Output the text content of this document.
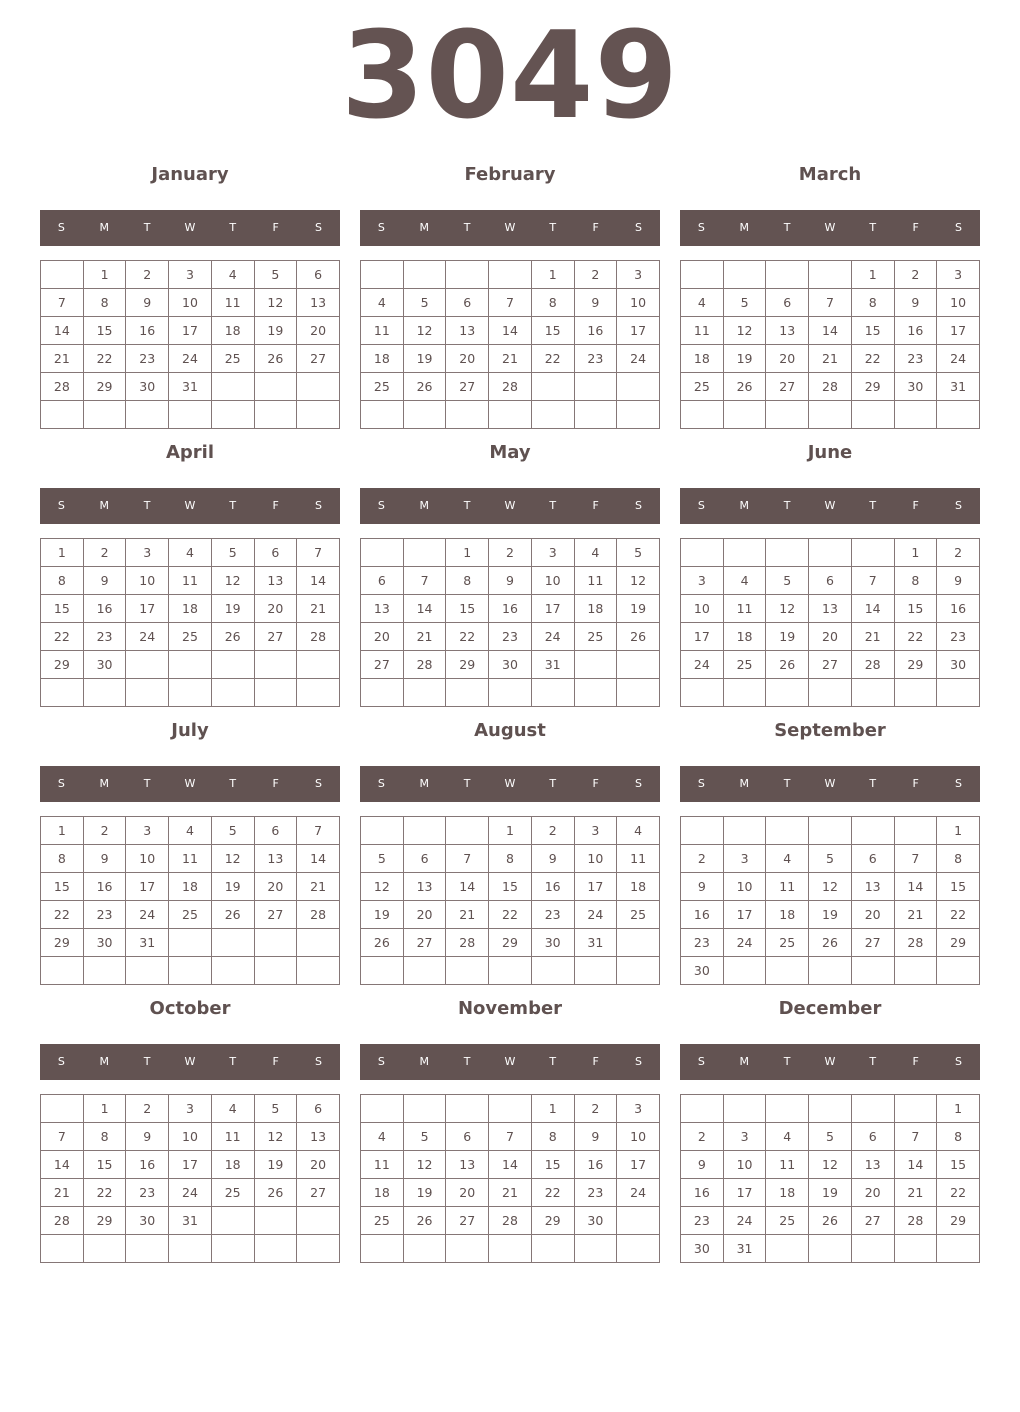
3049
January
S	M	T	W	T	F	S
	1	2	3	4	5	6
7	8	9	10	11	12	13
14	15	16	17	18	19	20
21	22	23	24	25	26	27
28	29	30	31			

February
S	M	T	W	T	F	S
				1	2	3
4	5	6	7	8	9	10
11	12	13	14	15	16	17
18	19	20	21	22	23	24
25	26	27	28			

March
S	M	T	W	T	F	S
				1	2	3
4	5	6	7	8	9	10
11	12	13	14	15	16	17
18	19	20	21	22	23	24
25	26	27	28	29	30	31

April
S	M	T	W	T	F	S
1	2	3	4	5	6	7
8	9	10	11	12	13	14
15	16	17	18	19	20	21
22	23	24	25	26	27	28
29	30					

May
S	M	T	W	T	F	S
		1	2	3	4	5
6	7	8	9	10	11	12
13	14	15	16	17	18	19
20	21	22	23	24	25	26
27	28	29	30	31		

June
S	M	T	W	T	F	S
					1	2
3	4	5	6	7	8	9
10	11	12	13	14	15	16
17	18	19	20	21	22	23
24	25	26	27	28	29	30

July
S	M	T	W	T	F	S
1	2	3	4	5	6	7
8	9	10	11	12	13	14
15	16	17	18	19	20	21
22	23	24	25	26	27	28
29	30	31				

August
S	M	T	W	T	F	S
			1	2	3	4
5	6	7	8	9	10	11
12	13	14	15	16	17	18
19	20	21	22	23	24	25
26	27	28	29	30	31	

September
S	M	T	W	T	F	S
						1
2	3	4	5	6	7	8
9	10	11	12	13	14	15
16	17	18	19	20	21	22
23	24	25	26	27	28	29
30						
October
S	M	T	W	T	F	S
	1	2	3	4	5	6
7	8	9	10	11	12	13
14	15	16	17	18	19	20
21	22	23	24	25	26	27
28	29	30	31			

November
S	M	T	W	T	F	S
				1	2	3
4	5	6	7	8	9	10
11	12	13	14	15	16	17
18	19	20	21	22	23	24
25	26	27	28	29	30	

December
S	M	T	W	T	F	S
						1
2	3	4	5	6	7	8
9	10	11	12	13	14	15
16	17	18	19	20	21	22
23	24	25	26	27	28	29
30	31					
